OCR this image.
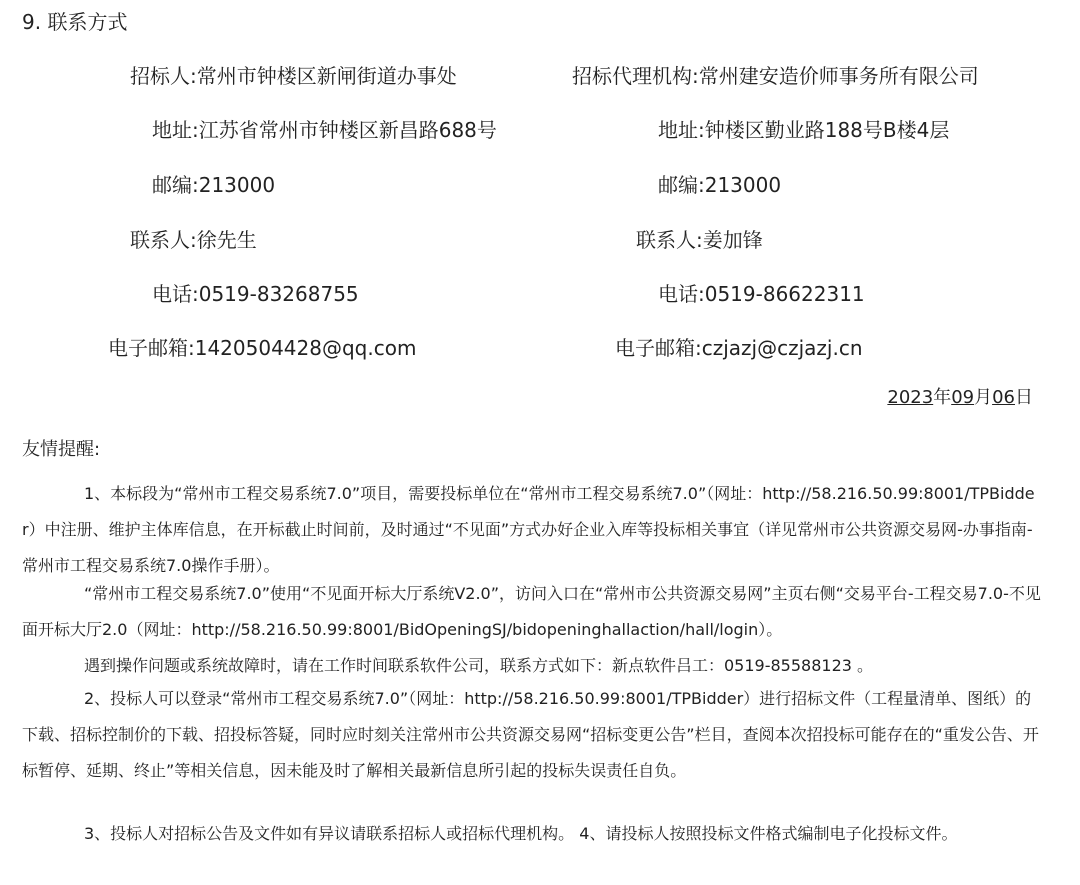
9. 联系方式
招标人:常州市钟楼区新闸街道办事处
地址:江苏省常州市钟楼区新昌路688号
邮编:213000
联系人:徐先生
电话:0519-83268755
电子邮箱:1420504428@qq.com
招标代理机构:常州建安造价师事务所有限公司
地址:钟楼区勤业路188号B楼4层
邮编:213000
联系人:姜加锋
电话:0519-86622311
电子邮箱:czjazj@czjazj.cn
2023年09月06日
友情提醒:

1、本标段为“常州市工程交易系统7.0”项目，需要投标单位在“常州市工程交易系统7.0”（网址：http://58.216.50.99:8001/TPBidder）中注册、维护主体库信息，在开标截止时间前，及时通过“不见面”方式办好企业入库等投标相关事宜（详见常州市公共资源交易网-办事指南-常州市工程交易系统7.0操作手册）。

“常州市工程交易系统7.0”使用“不见面开标大厅系统V2.0”，访问入口在“常州市公共资源交易网”主页右侧“交易平台-工程交易7.0-不见面开标大厅2.0（网址：http://58.216.50.99:8001/BidOpeningSJ/bidopeninghallaction/hall/login）。

遇到操作问题或系统故障时，请在工作时间联系软件公司，联系方式如下：新点软件吕工：0519-85588123 。

2、投标人可以登录“常州市工程交易系统7.0”（网址：http://58.216.50.99:8001/TPBidder）进行招标文件（工程量清单、图纸）的下载、招标控制价的下载、招投标答疑，同时应时刻关注常州市公共资源交易网“招标变更公告”栏目，查阅本次招投标可能存在的“重发公告、开标暂停、延期、终止”等相关信息，因未能及时了解相关最新信息所引起的投标失误责任自负。

3、投标人对招标公告及文件如有异议请联系招标人或招标代理机构。 4、请投标人按照投标文件格式编制电子化投标文件。
